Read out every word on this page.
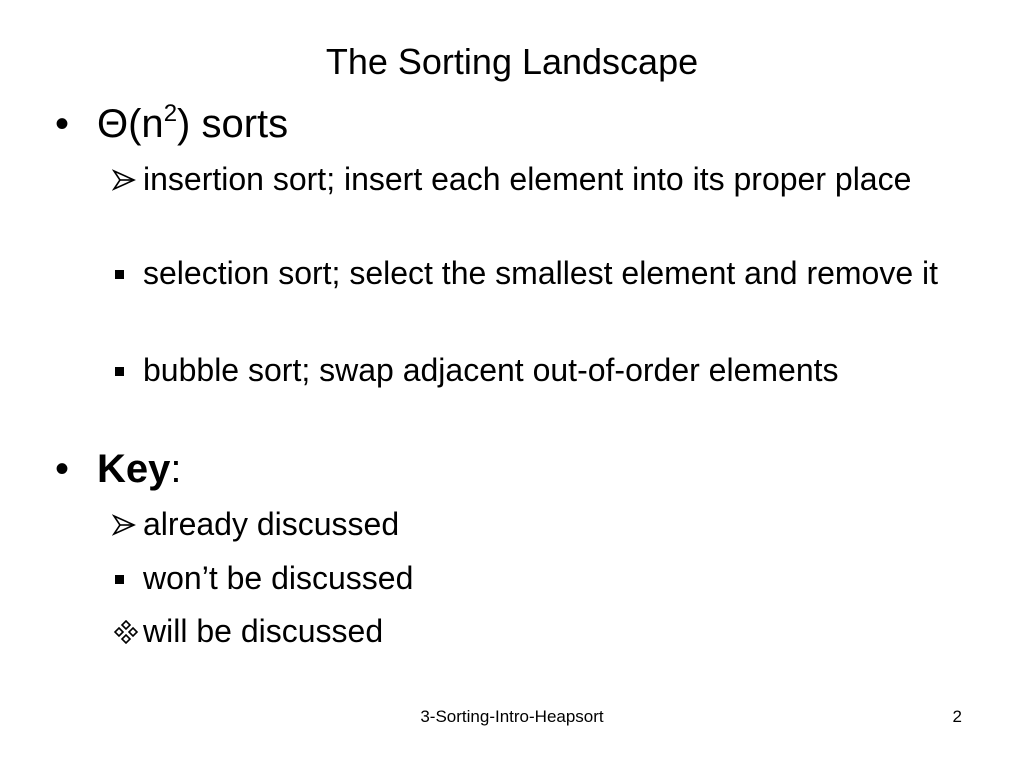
The Sorting Landscape
• $\Theta(n^2)$ sorts
insertion sort; insert each element into its proper place
selection sort; select the smallest element and remove it
bubble sort; swap adjacent out-of-order elements
• Key:
already discussed
won’t be discussed
will be discussed
3-Sorting-Intro-Heapsort	2
